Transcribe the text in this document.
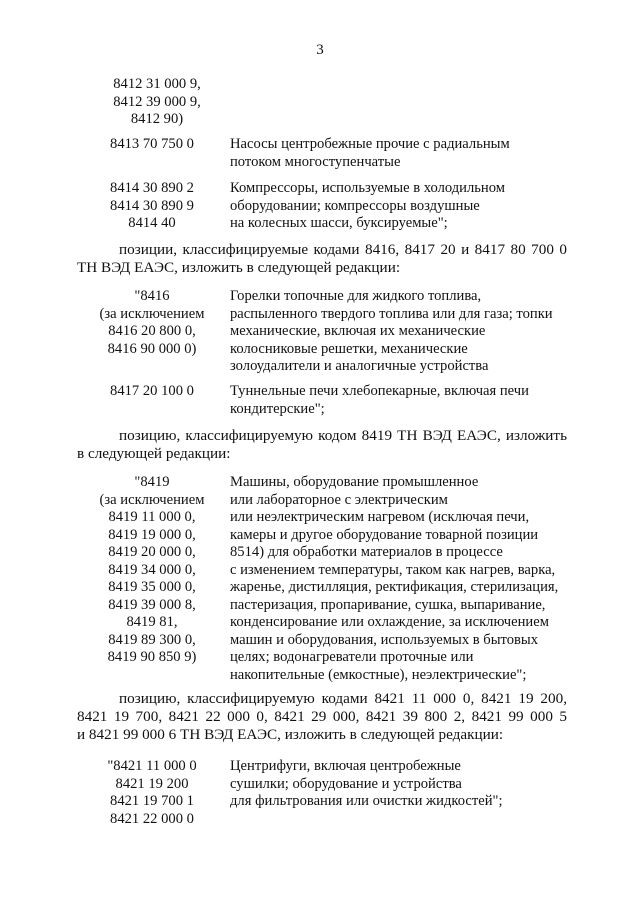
3
8412 31 000 9,
8412 39 000 9,
8412 90)
8413 70 750 0	Насосы центробежные прочие с радиальным
потоком многоступенчатые
8414 30 890 2
8414 30 890 9
8414 40
Компрессоры, используемые в холодильном
оборудовании; компрессоры воздушные
на колесных шасси, буксируемые";
позиции, классифицируемые кодами 8416, 8417 20 и 8417 80 700 0
ТН ВЭД ЕАЭС, изложить в следующей редакции:
"8416
(за исключением
8416 20 800 0,
8416 90 000 0)
Горелки топочные для жидкого топлива,
распыленного твердого топлива или для газа; топки
механические, включая их механические
колосниковые решетки, механические
золоудалители и аналогичные устройства
8417 20 100 0	Туннельные печи хлебопекарные, включая печи
кондитерские";
позицию, классифицируемую кодом 8419 ТН ВЭД ЕАЭС, изложить
в следующей редакции:
"8419
(за исключением
8419 11 000 0,
8419 19 000 0,
8419 20 000 0,
8419 34 000 0,
8419 35 000 0,
8419 39 000 8,
8419 81,
8419 89 300 0,
8419 90 850 9)
Машины, оборудование промышленное
или лабораторное с электрическим
или неэлектрическим нагревом (исключая печи,
камеры и другое оборудование товарной позиции
8514) для обработки материалов в процессе
с изменением температуры, таком как нагрев, варка,
жаренье, дистилляция, ректификация, стерилизация,
пастеризация, пропаривание, сушка, выпаривание,
конденсирование или охлаждение, за исключением
машин и оборудования, используемых в бытовых
целях; водонагреватели проточные или
накопительные (емкостные), неэлектрические";
позицию, классифицируемую кодами 8421 11 000 0, 8421 19 200,
8421 19 700, 8421 22 000 0, 8421 29 000, 8421 39 800 2, 8421 99 000 5
и 8421 99 000 6 ТН ВЭД ЕАЭС, изложить в следующей редакции:
"8421 11 000 0
8421 19 200
8421 19 700 1
8421 22 000 0
Центрифуги, включая центробежные
сушилки; оборудование и устройства
для фильтрования или очистки жидкостей";
